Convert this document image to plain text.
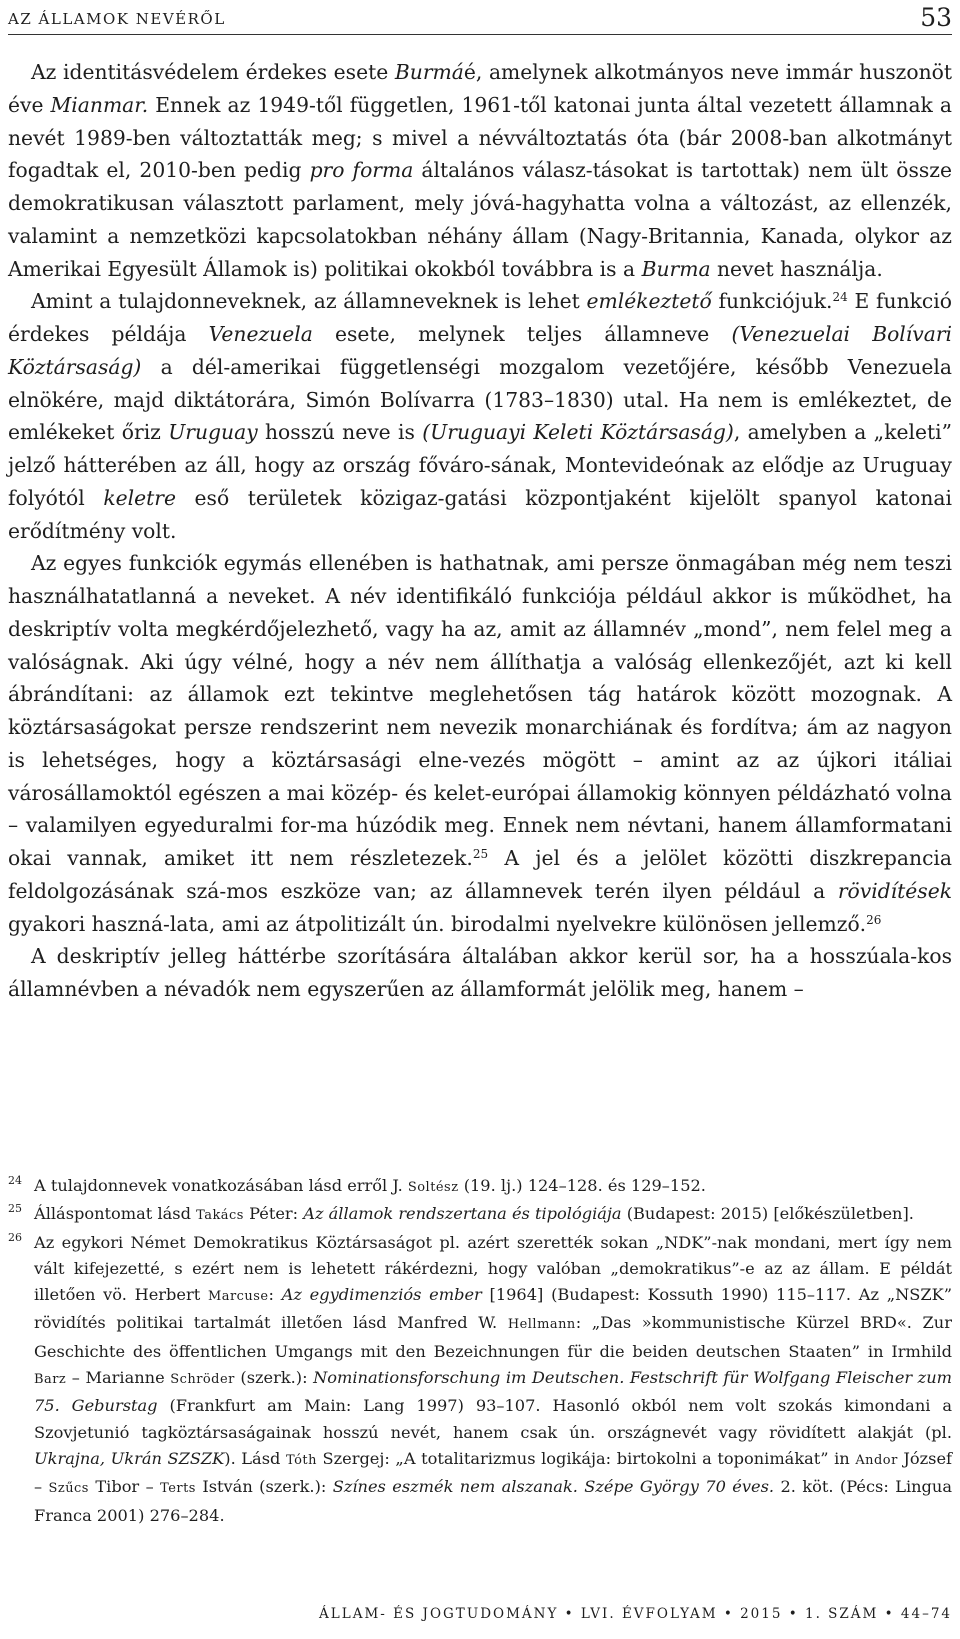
AZ ÁLLAMOK NEVÉRŐL	53

Az identitásvédelem érdekes esete Burmáé, amelynek alkotmányos neve immár huszonöt éve Mianmar. Ennek az 1949-től független, 1961-től katonai junta által vezetett államnak a nevét 1989-ben változtatták meg; s mivel a névváltoztatás óta (bár 2008-ban alkotmányt fogadtak el, 2010-ben pedig pro forma általános válasz-tásokat is tartottak) nem ült össze demokratikusan választott parlament, mely jóvá-hagyhatta volna a változást, az ellenzék, valamint a nemzetközi kapcsolatokban néhány állam (Nagy-Britannia, Kanada, olykor az Amerikai Egyesült Államok is) politikai okokból továbbra is a Burma nevet használja.

Amint a tulajdonneveknek, az államneveknek is lehet emlékeztető funkciójuk.$^{24}$ E funkció érdekes példája Venezuela esete, melynek teljes államneve (Venezuelai Bolívari Köztársaság) a dél-amerikai függetlenségi mozgalom vezetőjére, később Venezuela elnökére, majd diktátorára, Simón Bolívarra (1783–1830) utal. Ha nem is emlékeztet, de emlékeket őriz Uruguay hosszú neve is (Uruguayi Keleti Köztársaság), amelyben a „keleti” jelző hátterében az áll, hogy az ország főváro-sának, Montevideónak az elődje az Uruguay folyótól keletre eső területek közigaz-gatási központjaként kijelölt spanyol katonai erődítmény volt.

Az egyes funkciók egymás ellenében is hathatnak, ami persze önmagában még nem teszi használhatatlanná a neveket. A név identifikáló funkciója például akkor is működhet, ha deskriptív volta megkérdőjelezhető, vagy ha az, amit az államnév „mond”, nem felel meg a valóságnak. Aki úgy vélné, hogy a név nem állíthatja a valóság ellenkezőjét, azt ki kell ábrándítani: az államok ezt tekintve meglehetősen tág határok között mozognak. A köztársaságokat persze rendszerint nem nevezik monarchiának és fordítva; ám az nagyon is lehetséges, hogy a köztársasági elne-vezés mögött – amint az az újkori itáliai városállamoktól egészen a mai közép- és kelet-európai államokig könnyen példázható volna – valamilyen egyeduralmi for-ma húzódik meg. Ennek nem névtani, hanem államformatani okai vannak, amiket itt nem részletezek.$^{25}$ A jel és a jelölet közötti diszkrepancia feldolgozásának szá-mos eszköze van; az államnevek terén ilyen például a rövidítések gyakori haszná-lata, ami az átpolitizált ún. birodalmi nyelvekre különösen jellemző.$^{26}$

A deskriptív jelleg háttérbe szorítására általában akkor kerül sor, ha a hosszúala-kos államnévben a névadók nem egyszerűen az államformát jelölik meg, hanem –

24 A tulajdonnevek vonatkozásában lásd erről J. Soltész (19. lj.) 124–128. és 129–152.

25 Álláspontomat lásd Takács Péter: Az államok rendszertana és tipológiája (Budapest: 2015) [előkészületben].

26 Az egykori Német Demokratikus Köztársaságot pl. azért szerették sokan „NDK”-nak mondani, mert így nem vált kifejezetté, s ezért nem is lehetett rákérdezni, hogy valóban „demokratikus”-e az az állam. E példát illetően vö. Herbert Marcuse: Az egydimenziós ember [1964] (Budapest: Kossuth 1990) 115–117. Az „NSZK” rövidítés politikai tartalmát illetően lásd Manfred W. Hellmann: „Das »kommunistische Kürzel BRD«. Zur Geschichte des öffentlichen Umgangs mit den Bezeichnungen für die beiden deutschen Staaten” in Irmhild Barz – Marianne Schröder (szerk.): Nominationsforschung im Deutschen. Festschrift für Wolfgang Fleischer zum 75. Geburstag (Frankfurt am Main: Lang 1997) 93–107. Hasonló okból nem volt szokás kimondani a Szovjetunió tagköztársaságainak hosszú nevét, hanem csak ún. országnevét vagy rövidített alakját (pl. Ukrajna, Ukrán SZSZK). Lásd Tóth Szergej: „A totalitarizmus logikája: birtokolni a toponimákat” in Andor József – Szűcs Tibor – Terts István (szerk.): Színes eszmék nem alszanak. Szépe György 70 éves. 2. köt. (Pécs: Lingua Franca 2001) 276–284.

ÁLLAM- ÉS JOGTUDOMÁNY • LVI. ÉVFOLYAM • 2015 • 1. SZÁM • 44–74
